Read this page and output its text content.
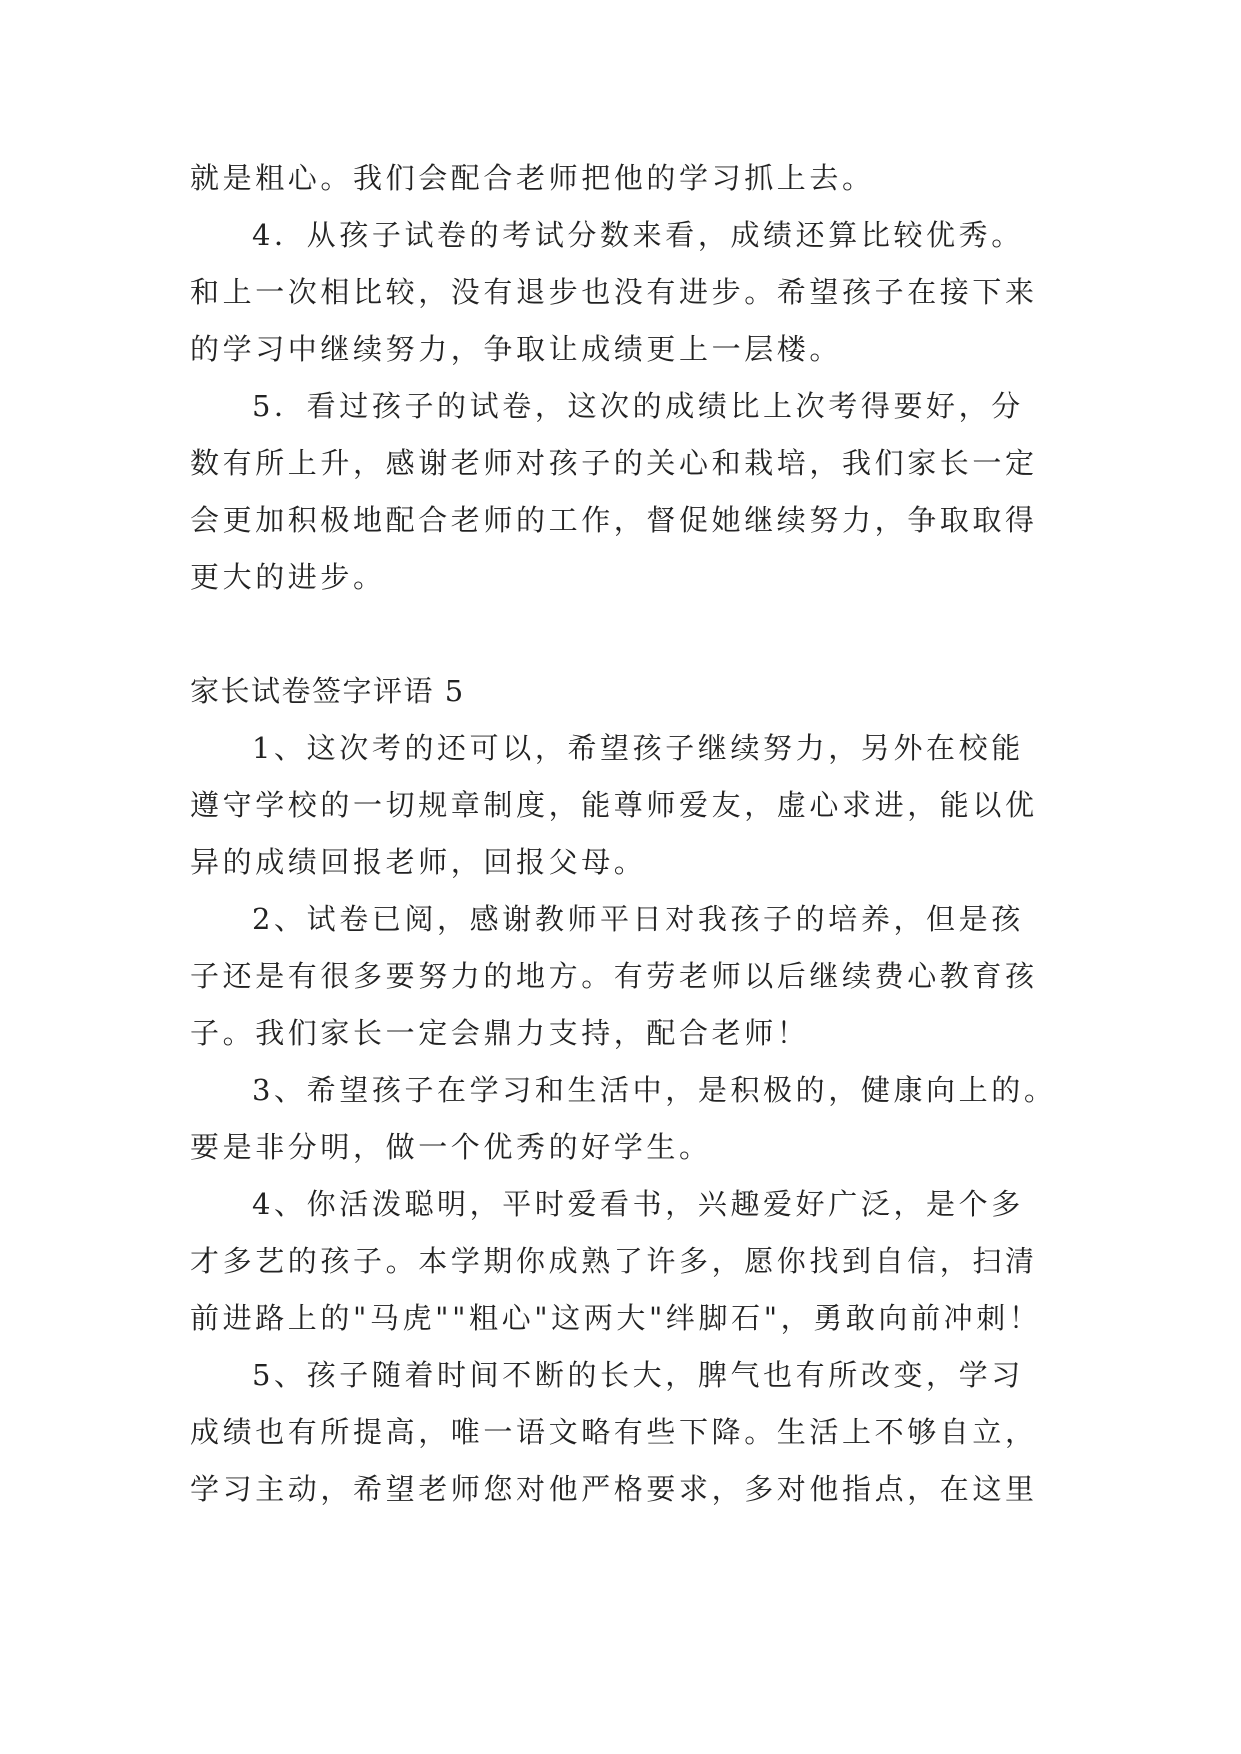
就是粗心。我们会配合老师把他的学习抓上去。
4．从孩子试卷的考试分数来看，成绩还算比较优秀。
和上一次相比较，没有退步也没有进步。希望孩子在接下来
的学习中继续努力，争取让成绩更上一层楼。
5．看过孩子的试卷，这次的成绩比上次考得要好，分
数有所上升，感谢老师对孩子的关心和栽培，我们家长一定
会更加积极地配合老师的工作，督促她继续努力，争取取得
更大的进步。
家长试卷签字评语 5
1、这次考的还可以，希望孩子继续努力，另外在校能
遵守学校的一切规章制度，能尊师爱友，虚心求进，能以优
异的成绩回报老师，回报父母。
2、试卷已阅，感谢教师平日对我孩子的培养，但是孩
子还是有很多要努力的地方。有劳老师以后继续费心教育孩
子。我们家长一定会鼎力支持，配合老师！
3、希望孩子在学习和生活中，是积极的，健康向上的。
要是非分明，做一个优秀的好学生。
4、你活泼聪明，平时爱看书，兴趣爱好广泛，是个多
才多艺的孩子。本学期你成熟了许多，愿你找到自信，扫清
前进路上的"马虎""粗心"这两大"绊脚石"，勇敢向前冲刺！
5、孩子随着时间不断的长大，脾气也有所改变，学习
成绩也有所提高，唯一语文略有些下降。生活上不够自立，
学习主动，希望老师您对他严格要求，多对他指点，在这里
